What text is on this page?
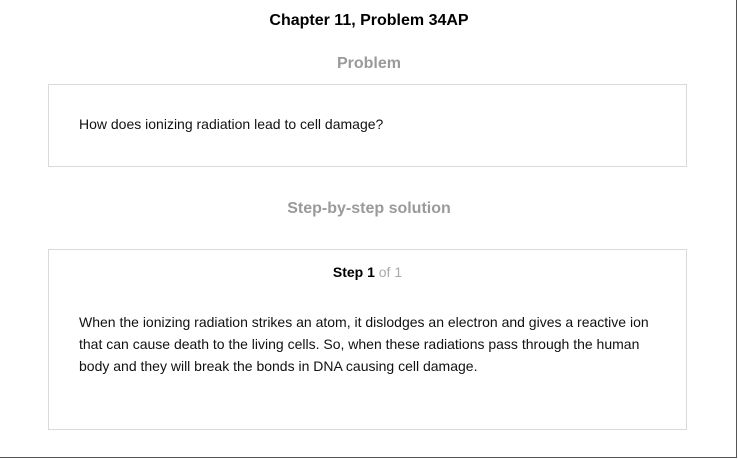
Chapter 11, Problem 34AP
Problem
How does ionizing radiation lead to cell damage?
Step-by-step solution
Step 1 of 1

When the ionizing radiation strikes an atom, it dislodges an electron and gives a reactive ion that can cause death to the living cells. So, when these radiations pass through the human body and they will break the bonds in DNA causing cell damage.
